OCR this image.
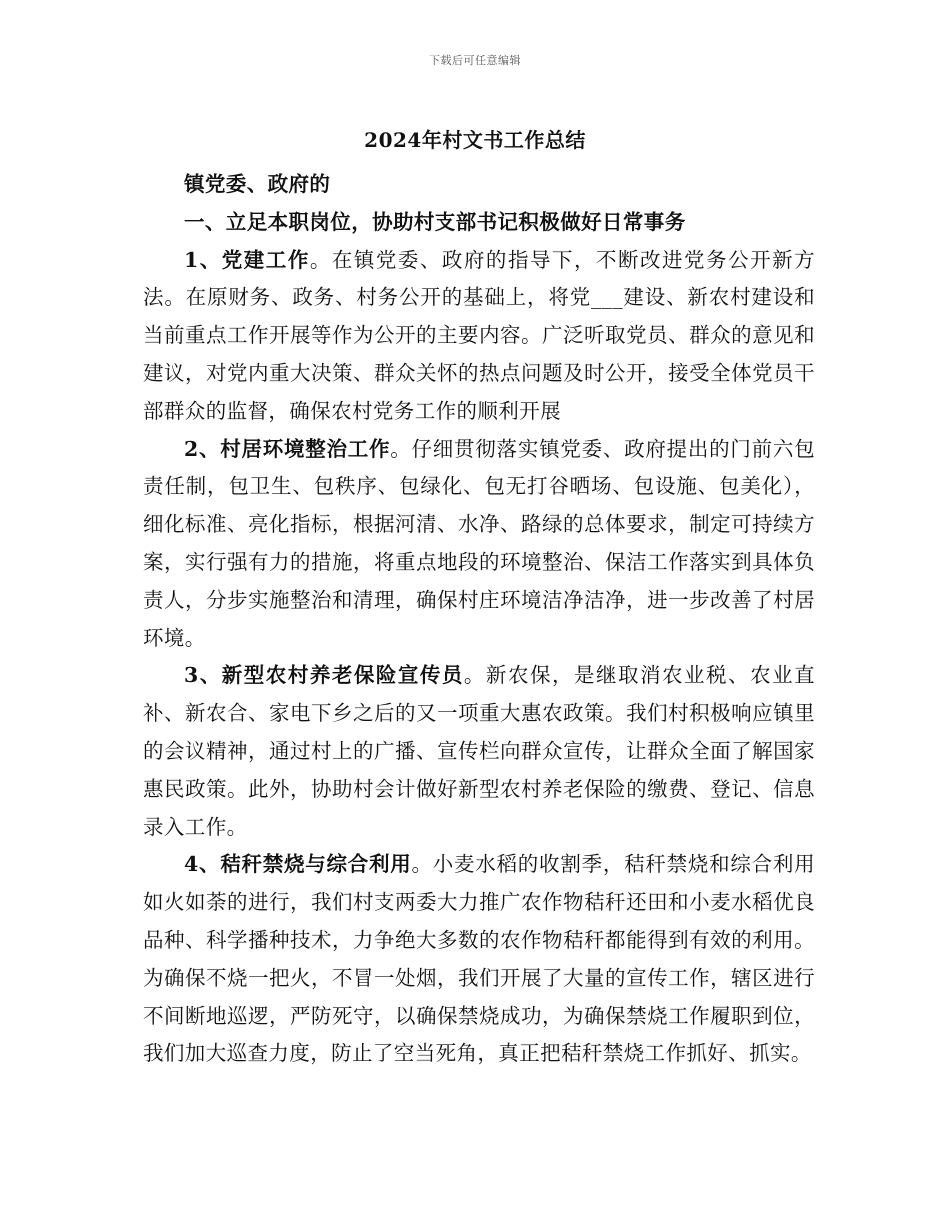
下载后可任意编辑
2024年村文书工作总结

镇党委、政府的

一、立足本职岗位，协助村支部书记积极做好日常事务

1、党建工作。在镇党委、政府的指导下，不断改进党务公开新方法。在原财务、政务、村务公开的基础上，将党___建设、新农村建设和当前重点工作开展等作为公开的主要内容。广泛听取党员、群众的意见和建议，对党内重大决策、群众关怀的热点问题及时公开，接受全体党员干部群众的监督，确保农村党务工作的顺利开展

2、村居环境整治工作。仔细贯彻落实镇党委、政府提出的门前六包责任制，包卫生、包秩序、包绿化、包无打谷晒场、包设施、包美化），细化标准、亮化指标，根据河清、水净、路绿的总体要求，制定可持续方案，实行强有力的措施，将重点地段的环境整治、保洁工作落实到具体负责人，分步实施整治和清理，确保村庄环境洁净洁净，进一步改善了村居环境。

3、新型农村养老保险宣传员。新农保，是继取消农业税、农业直补、新农合、家电下乡之后的又一项重大惠农政策。我们村积极响应镇里的会议精神，通过村上的广播、宣传栏向群众宣传，让群众全面了解国家惠民政策。此外，协助村会计做好新型农村养老保险的缴费、登记、信息录入工作。

4、秸秆禁烧与综合利用。小麦水稻的收割季，秸秆禁烧和综合利用如火如荼的进行，我们村支两委大力推广农作物秸秆还田和小麦水稻优良品种、科学播种技术，力争绝大多数的农作物秸秆都能得到有效的利用。为确保不烧一把火，不冒一处烟，我们开展了大量的宣传工作，辖区进行不间断地巡逻，严防死守，以确保禁烧成功，为确保禁烧工作履职到位，我们加大巡查力度，防止了空当死角，真正把秸秆禁烧工作抓好、抓实。
